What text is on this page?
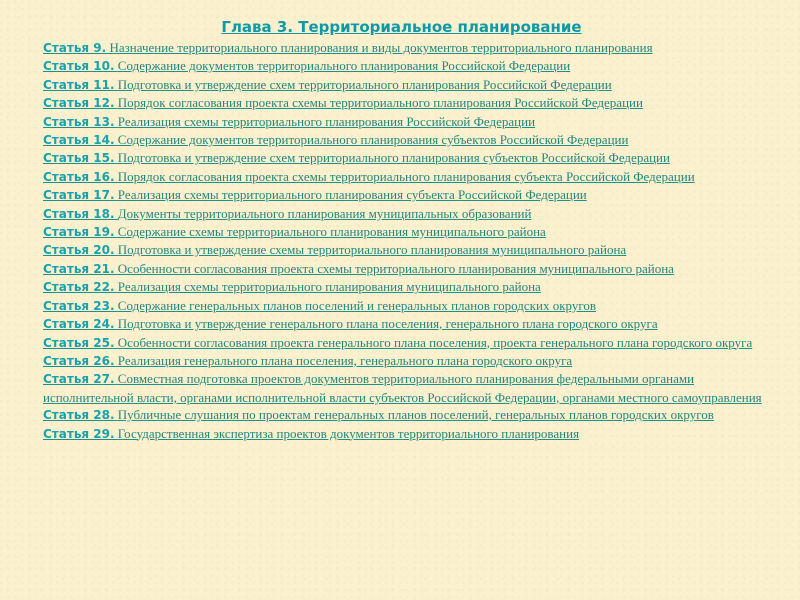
Глава 3. Территориальное планирование
Статья 9. Назначение территориального планирования и виды документов территориального планирования
Статья 10. Содержание документов территориального планирования Российской Федерации
Статья 11. Подготовка и утверждение схем территориального планирования Российской Федерации
Статья 12. Порядок согласования проекта схемы территориального планирования Российской Федерации
Статья 13. Реализация схемы территориального планирования Российской Федерации
Статья 14. Содержание документов территориального планирования субъектов Российской Федерации
Статья 15. Подготовка и утверждение схем территориального планирования субъектов Российской Федерации
Статья 16. Порядок согласования проекта схемы территориального планирования субъекта Российской Федерации
Статья 17. Реализация схемы территориального планирования субъекта Российской Федерации
Статья 18. Документы территориального планирования муниципальных образований
Статья 19. Содержание схемы территориального планирования муниципального района
Статья 20. Подготовка и утверждение схемы территориального планирования муниципального района
Статья 21. Особенности согласования проекта схемы территориального планирования муниципального района
Статья 22. Реализация схемы территориального планирования муниципального района
Статья 23. Содержание генеральных планов поселений и генеральных планов городских округов
Статья 24. Подготовка и утверждение генерального плана поселения, генерального плана городского округа
Статья 25. Особенности согласования проекта генерального плана поселения, проекта генерального плана городского округа
Статья 26. Реализация генерального плана поселения, генерального плана городского округа
Статья 27. Совместная подготовка проектов документов территориального планирования федеральными органами исполнительной власти, органами исполнительной власти субъектов Российской Федерации, органами местного самоуправления
Статья 28. Публичные слушания по проектам генеральных планов поселений, генеральных планов городских округов
Статья 29. Государственная экспертиза проектов документов территориального планирования
